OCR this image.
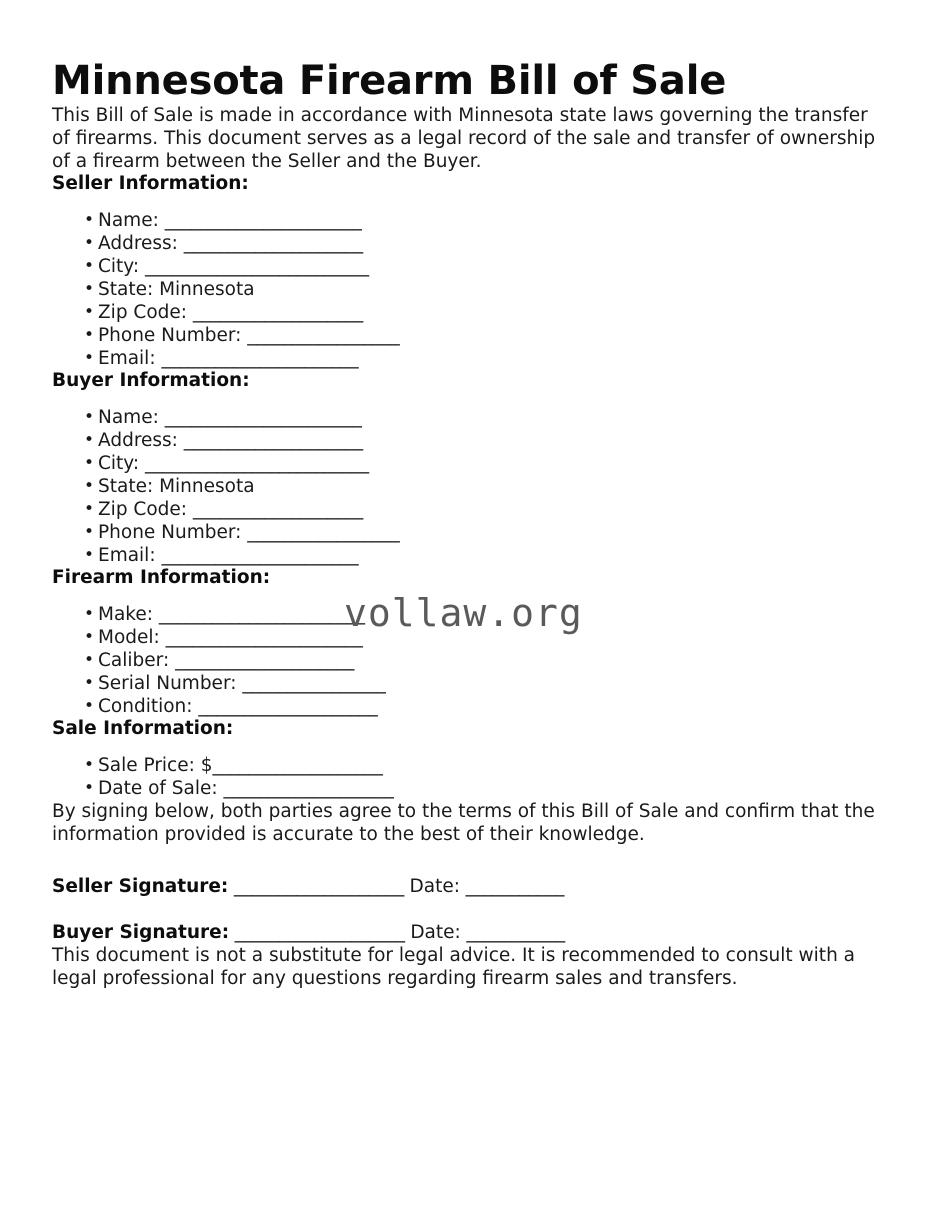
Minnesota Firearm Bill of Sale

This Bill of Sale is made in accordance with Minnesota state laws governing the transfer of firearms. This document serves as a legal record of the sale and transfer of ownership of a firearm between the Seller and the Buyer.

Seller Information:
• Name: ______________________
• Address: ____________________
• City: _________________________
• State: Minnesota
• Zip Code: ___________________
• Phone Number: _________________
• Email: ______________________
Buyer Information:
• Name: ______________________
• Address: ____________________
• City: _________________________
• State: Minnesota
• Zip Code: ___________________
• Phone Number: _________________
• Email: ______________________
Firearm Information:
• Make: _______________________
• Model: ______________________
• Caliber: ____________________
• Serial Number: ________________
• Condition: ____________________
Sale Information:
• Sale Price: $___________________
• Date of Sale: ___________________

By signing below, both parties agree to the terms of this Bill of Sale and confirm that the information provided is accurate to the best of their knowledge.

Seller Signature: ___________________ Date: ___________
Buyer Signature: ___________________ Date: ___________

This document is not a substitute for legal advice. It is recommended to consult with a legal professional for any questions regarding firearm sales and transfers.

vollaw.org
